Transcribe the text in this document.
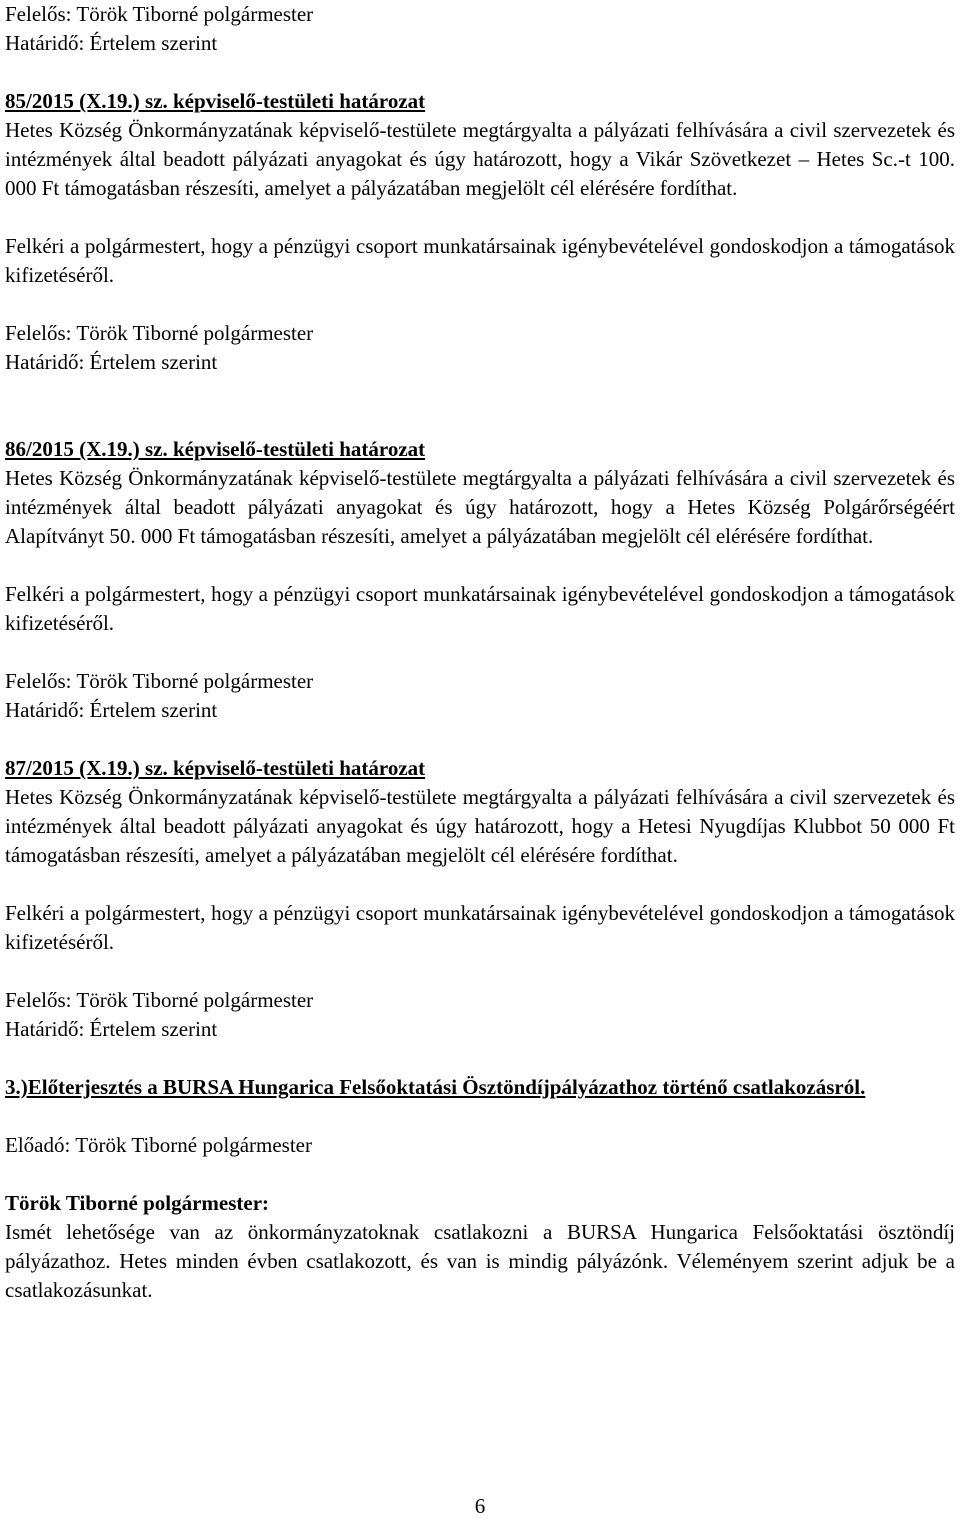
Felelős: Török Tiborné polgármester

Határidő: Értelem szerint

85/2015 (X.19.) sz. képviselő-testületi határozat

Hetes Község Önkormányzatának képviselő-testülete megtárgyalta a pályázati felhívására a civil szervezetek és intézmények által beadott pályázati anyagokat és úgy határozott, hogy a Vikár Szövetkezet – Hetes Sc.-t 100. 000 Ft támogatásban részesíti, amelyet a pályázatában megjelölt cél elérésére fordíthat.

Felkéri a polgármestert, hogy a pénzügyi csoport munkatársainak igénybevételével gondoskodjon a támogatások kifizetéséről.

Felelős: Török Tiborné polgármester

Határidő: Értelem szerint

86/2015 (X.19.) sz. képviselő-testületi határozat

Hetes Község Önkormányzatának képviselő-testülete megtárgyalta a pályázati felhívására a civil szervezetek és intézmények által beadott pályázati anyagokat és úgy határozott, hogy a Hetes Község Polgárőrségéért Alapítványt 50. 000 Ft támogatásban részesíti, amelyet a pályázatában megjelölt cél elérésére fordíthat.

Felkéri a polgármestert, hogy a pénzügyi csoport munkatársainak igénybevételével gondoskodjon a támogatások kifizetéséről.

Felelős: Török Tiborné polgármester

Határidő: Értelem szerint

87/2015 (X.19.) sz. képviselő-testületi határozat

Hetes Község Önkormányzatának képviselő-testülete megtárgyalta a pályázati felhívására a civil szervezetek és intézmények által beadott pályázati anyagokat és úgy határozott, hogy a Hetesi Nyugdíjas Klubbot 50 000 Ft támogatásban részesíti, amelyet a pályázatában megjelölt cél elérésére fordíthat.

Felkéri a polgármestert, hogy a pénzügyi csoport munkatársainak igénybevételével gondoskodjon a támogatások kifizetéséről.

Felelős: Török Tiborné polgármester

Határidő: Értelem szerint

3.)Előterjesztés a BURSA Hungarica Felsőoktatási Ösztöndíjpályázathoz történő csatlakozásról.

Előadó: Török Tiborné polgármester

Török Tiborné polgármester:

Ismét lehetősége van az önkormányzatoknak csatlakozni a BURSA Hungarica Felsőoktatási ösztöndíj pályázathoz. Hetes minden évben csatlakozott, és van is mindig pályázónk. Véleményem szerint adjuk be a csatlakozásunkat.

6
